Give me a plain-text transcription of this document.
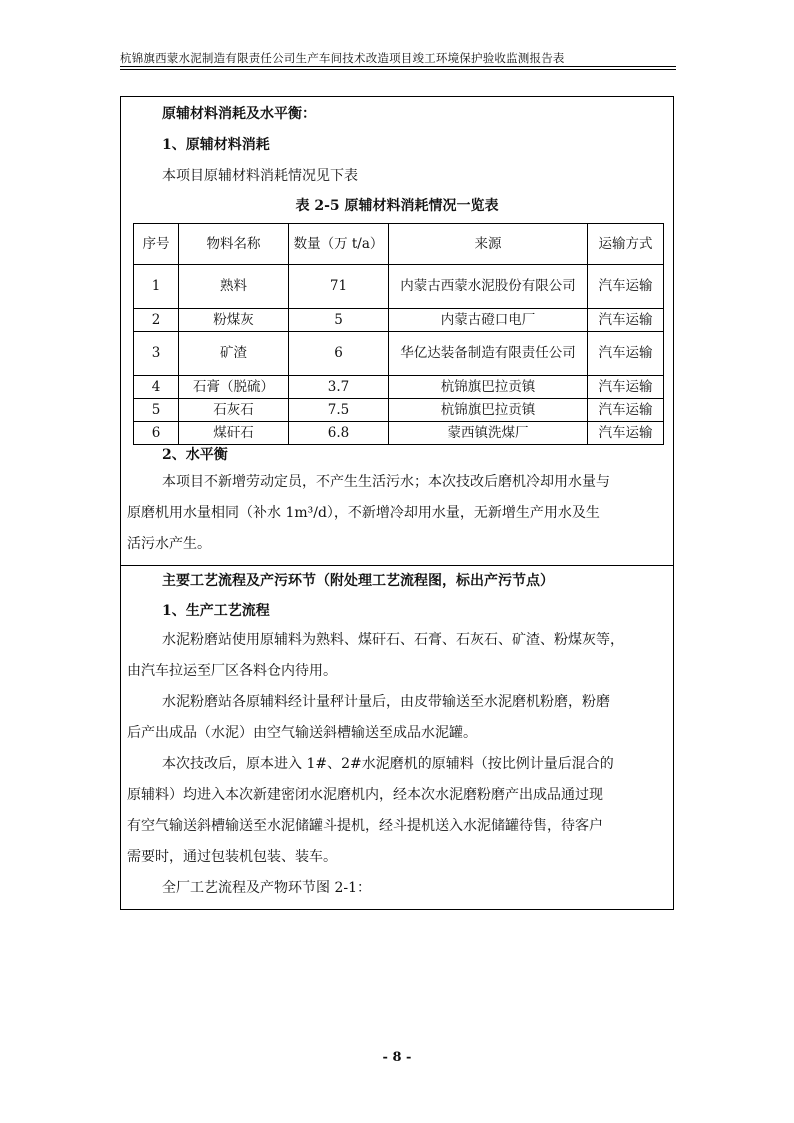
杭锦旗西蒙水泥制造有限责任公司生产车间技术改造项目竣工环境保护验收监测报告表
原辅材料消耗及水平衡：
1、原辅材料消耗
本项目原辅材料消耗情况见下表
表 2-5 原辅材料消耗情况一览表
序号	物料名称	数量（万 t/a）	来源	运输方式
1	熟料	71	内蒙古西蒙水泥股份有限公司	汽车运输
2	粉煤灰	5	内蒙古磴口电厂	汽车运输
3	矿渣	6	华亿达装备制造有限责任公司	汽车运输
4	石膏（脱硫）	3.7	杭锦旗巴拉贡镇	汽车运输
5	石灰石	7.5	杭锦旗巴拉贡镇	汽车运输
6	煤矸石	6.8	蒙西镇洗煤厂	汽车运输
2、水平衡

本项目不新增劳动定员，不产生生活污水；本次技改后磨机冷却用水量与

原磨机用水量相同（补水 1m³/d），不新增冷却用水量，无新增生产用水及生

活污水产生。

主要工艺流程及产污环节（附处理工艺流程图，标出产污节点）
1、生产工艺流程

水泥粉磨站使用原辅料为熟料、煤矸石、石膏、石灰石、矿渣、粉煤灰等，

由汽车拉运至厂区各料仓内待用。

水泥粉磨站各原辅料经计量秤计量后，由皮带输送至水泥磨机粉磨，粉磨

后产出成品（水泥）由空气输送斜槽输送至成品水泥罐。

本次技改后，原本进入 1#、2#水泥磨机的原辅料（按比例计量后混合的

原辅料）均进入本次新建密闭水泥磨机内，经本次水泥磨粉磨产出成品通过现

有空气输送斜槽输送至水泥储罐斗提机，经斗提机送入水泥储罐待售，待客户

需要时，通过包装机包装、装车。

全厂工艺流程及产物环节图 2-1：

- 8 -
